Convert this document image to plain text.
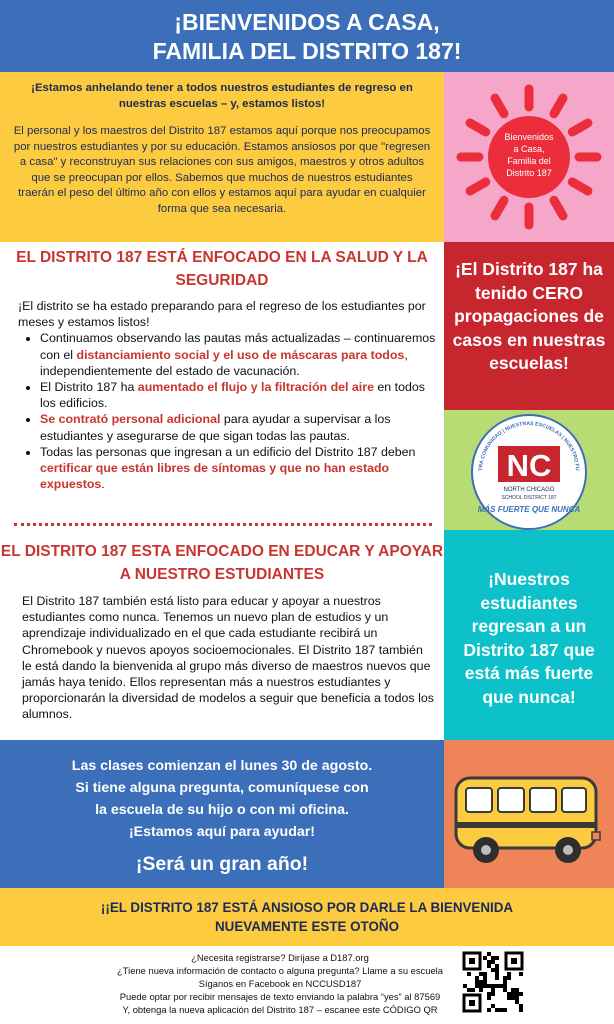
¡BIENVENIDOS A CASA,
FAMILIA DEL DISTRITO 187!

¡Estamos anhelando tener a todos nuestros estudiantes de regreso en nuestras escuelas – y, estamos listos!

El personal y los maestros del Distrito 187 estamos aquí porque nos preocupamos por nuestros estudiantes y por su educación. Estamos ansiosos por que "regresen a casa" y reconstruyan sus relaciones con sus amigos, maestros y otros adultos que se preocupan por ellos. Sabemos que muchos de nuestros estudiantes traerán el peso del último año con ellos y estamos aquí para ayudar en cualquier forma que sea necesaria.

Bienvenidos
a Casa,
Familia del
Distrito 187
EL DISTRITO 187 ESTÁ ENFOCADO EN LA SALUD Y LA SEGURIDAD
¡El distrito se ha estado preparando para el regreso de los estudiantes por meses y estamos listos!
• Continuamos observando las pautas más actualizadas – continuaremos con el distanciamiento social y el uso de máscaras para todos, independientemente del estado de vacunación.
• El Distrito 187 ha aumentado el flujo y la filtración del aire en todos los edificios.
• Se contrató personal adicional para ayudar a supervisar a los estudiantes y asegurarse de que sigan todas las pautas.
• Todas las personas que ingresan a un edificio del Distrito 187 deben certificar que están libres de síntomas y que no han estado expuestos.
¡El Distrito 187 ha tenido CERO propagaciones de casos en nuestras escuelas!
TRA COMUNIDAD | NUESTRAS ESCUELAS | NUESTRO FU
NC
NORTH CHICAGO
SCHOOL DISTRICT 187
MÁS FUERTE QUE NUNCA
EL DISTRITO 187 ESTA ENFOCADO EN EDUCAR Y APOYAR A NUESTRO ESTUDIANTES
El Distrito 187 también está listo para educar y apoyar a nuestros estudiantes como nunca. Tenemos un nuevo plan de estudios y un aprendizaje individualizado en el que cada estudiante recibirá un Chromebook y nuevos apoyos socioemocionales. El Distrito 187 también le está dando la bienvenida al grupo más diverso de maestros nuevos que jamás haya tenido. Ellos representan más a nuestros estudiantes y proporcionarán la diversidad de modelos a seguir que beneficia a todos los alumnos.
¡Nuestros estudiantes regresan a un Distrito 187 que está más fuerte que nunca!
Las clases comienzan el lunes 30 de agosto.
Si tiene alguna pregunta, comuníquese con
la escuela de su hijo o con mi oficina.
¡Estamos aquí para ayudar!
¡Será un gran año!
¡¡EL DISTRITO 187 ESTÁ ANSIOSO POR DARLE LA BIENVENIDA
NUEVAMENTE ESTE OTOÑO
¿Necesita registrarse? Diríjase a D187.org
¿Tiene nueva información de contacto o alguna pregunta? Llame a su escuela
Síganos en Facebook en NCCUSD187
Puede optar por recibir mensajes de texto enviando la palabra “yes” al 87569
Y, obtenga la nueva aplicación del Distrito 187 – escanee este CÓDIGO QR
